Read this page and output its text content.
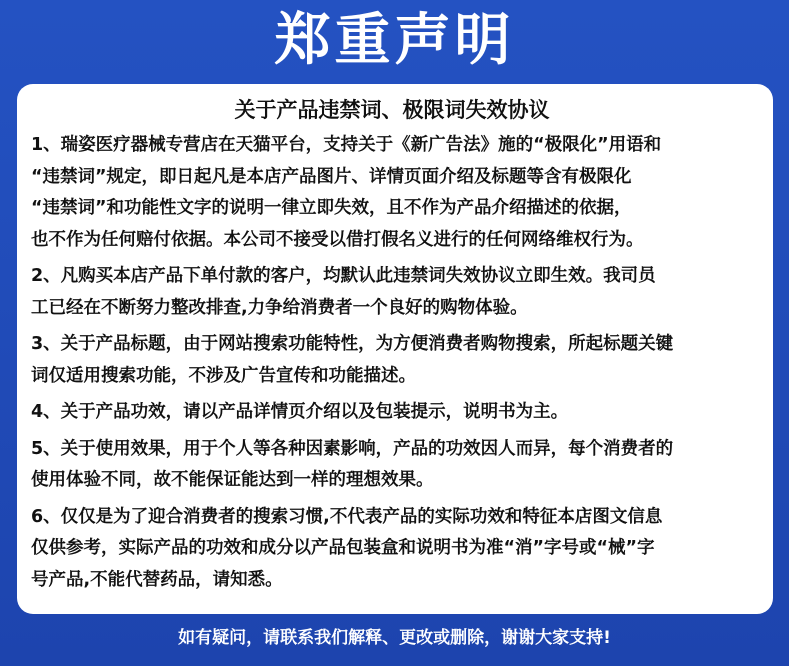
郑重声明
关于产品违禁词、极限词失效协议
1、瑞姿医疗器械专营店在天猫平台，支持关于《新广告法》施的“极限化”用语和
“违禁词”规定，即日起凡是本店产品图片、详情页面介绍及标题等含有极限化
“违禁词”和功能性文字的说明一律立即失效，且不作为产品介绍描述的依据，
也不作为任何赔付依据。本公司不接受以借打假名义进行的任何网络维权行为。
2、凡购买本店产品下单付款的客户，均默认此违禁词失效协议立即生效。我司员
工已经在不断努力整改排查,力争给消费者一个良好的购物体验。
3、关于产品标题，由于网站搜索功能特性，为方便消费者购物搜索，所起标题关键
词仅适用搜索功能，不涉及广告宣传和功能描述。
4、关于产品功效，请以产品详情页介绍以及包装提示，说明书为主。
5、关于使用效果，用于个人等各种因素影响，产品的功效因人而异，每个消费者的
使用体验不同，故不能保证能达到一样的理想效果。
6、仅仅是为了迎合消费者的搜索习惯,不代表产品的实际功效和特征本店图文信息
仅供参考，实际产品的功效和成分以产品包装盒和说明书为准“消”字号或“械”字
号产品,不能代替药品，请知悉。
如有疑问，请联系我们解释、更改或删除，谢谢大家支持!
